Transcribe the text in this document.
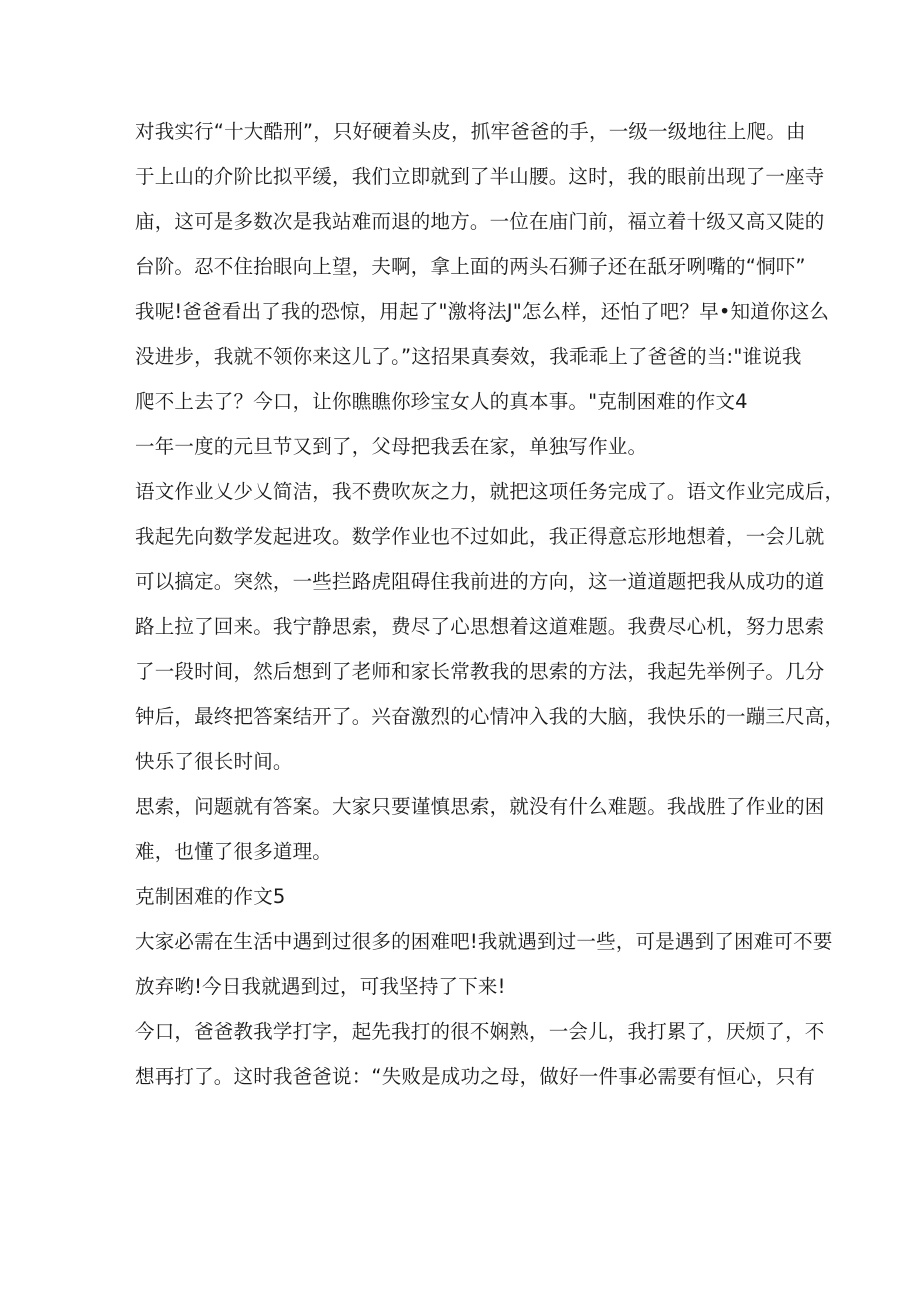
对我实行“十大酷刑”，只好硬着头皮，抓牢爸爸的手，一级一级地往上爬。由
于上山的介阶比拟平缓，我们立即就到了半山腰。这时，我的眼前出现了一座寺
庙，这可是多数次是我站难而退的地方。一位在庙门前，福立着十级又高又陡的
台阶。忍不住抬眼向上望，夫啊，拿上面的两头石狮子还在舐牙咧嘴的“恫吓”
我呢!爸爸看出了我的恐惊，用起了"激将法J"怎么样，还怕了吧？早•知道你这么
没进步，我就不领你来这儿了。”这招果真奏效，我乖乖上了爸爸的当:"谁说我
爬不上去了？今口，让你瞧瞧你珍宝女人的真本事。"克制困难的作文4
一年一度的元旦节又到了，父母把我丢在家，单独写作业。
语文作业乂少乂简洁，我不费吹灰之力，就把这项任务完成了。语文作业完成后，
我起先向数学发起进攻。数学作业也不过如此，我正得意忘形地想着，一会儿就
可以搞定。突然，一些拦路虎阻碍住我前进的方向，这一道道题把我从成功的道
路上拉了回来。我宁静思索，费尽了心思想着这道难题。我费尽心机，努力思索
了一段时间，然后想到了老师和家长常教我的思索的方法，我起先举例子。几分
钟后，最终把答案结开了。兴奋激烈的心情冲入我的大脑，我快乐的一蹦三尺高，
快乐了很长时间。
思索，问题就有答案。大家只要谨慎思索，就没有什么难题。我战胜了作业的困
难，也懂了很多道理。
克制困难的作文5
大家必需在生活中遇到过很多的困难吧!我就遇到过一些，可是遇到了困难可不要
放弃哟!今日我就遇到过，可我坚持了下来!
今口，爸爸教我学打字，起先我打的很不娴熟，一会儿，我打累了，厌烦了，不
想再打了。这时我爸爸说：“失败是成功之母，做好一件事必需要有恒心，只有
